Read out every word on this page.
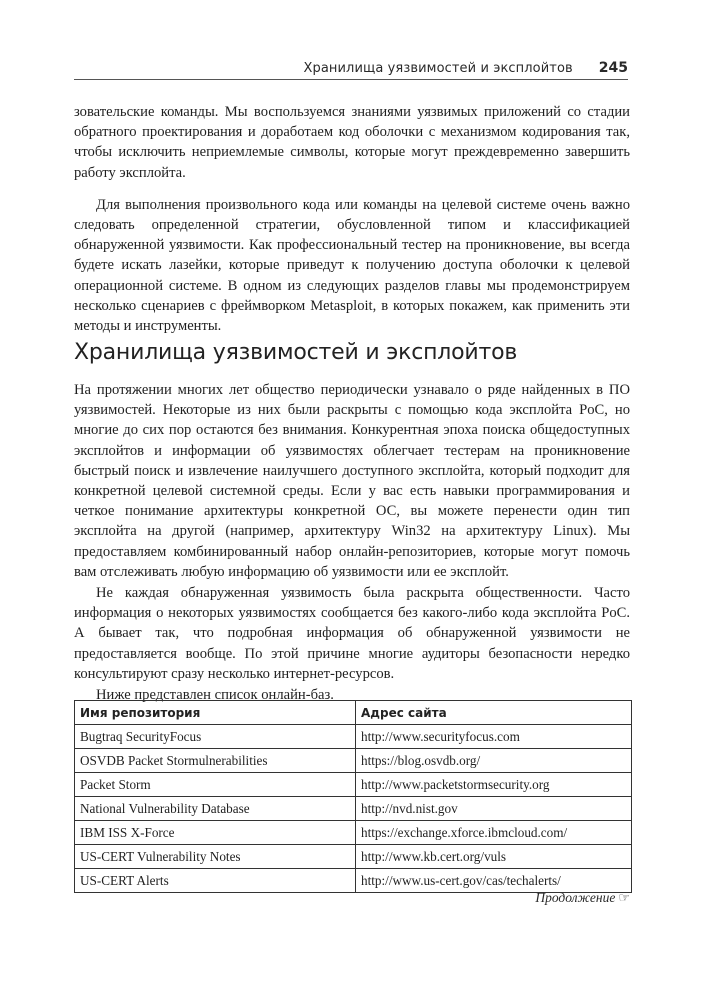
Хранилища уязвимостей и эксплойтов 245

зовательские команды. Мы воспользуемся знаниями уязвимых приложений со стадии обратного проектирования и доработаем код оболочки с механизмом кодирования так, чтобы исключить неприемлемые символы, которые могут преждевременно завершить работу эксплойта.

Для выполнения произвольного кода или команды на целевой системе очень важно следовать определенной стратегии, обусловленной типом и классификацией обнаруженной уязвимости. Как профессиональный тестер на проникновение, вы всегда будете искать лазейки, которые приведут к получению доступа оболочки к целевой операционной системе. В одном из следующих разделов главы мы продемонстрируем несколько сценариев с фреймворком Metasploit, в которых покажем, как применить эти методы и инструменты.

Хранилища уязвимостей и эксплойтов

На протяжении многих лет общество периодически узнавало о ряде найденных в ПО уязвимостей. Некоторые из них были раскрыты с помощью кода эксплойта PoC, но многие до сих пор остаются без внимания. Конкурентная эпоха поиска общедоступных эксплойтов и информации об уязвимостях облегчает тестерам на проникновение быстрый поиск и извлечение наилучшего доступного эксплойта, который подходит для конкретной целевой системной среды. Если у вас есть навыки программирования и четкое понимание архитектуры конкретной ОС, вы можете перенести один тип эксплойта на другой (например, архитектуру Win32 на архитектуру Linux). Мы предоставляем комбинированный набор онлайн-репозиториев, которые могут помочь вам отслеживать любую информацию об уязвимости или ее эксплойт.

Не каждая обнаруженная уязвимость была раскрыта общественности. Часто информация о некоторых уязвимостях сообщается без какого-либо кода эксплойта PoC. А бывает так, что подробная информация об обнаруженной уязвимости не предоставляется вообще. По этой причине многие аудиторы безопасности нередко консультируют сразу несколько интернет-ресурсов.

Ниже представлен список онлайн-баз.

Имя репозитория	Адрес сайта
Bugtraq SecurityFocus	http://www.securityfocus.com
OSVDB Packet Stormulnerabilities	https://blog.osvdb.org/
Packet Storm	http://www.packetstormsecurity.org
National Vulnerability Database	http://nvd.nist.gov
IBM ISS X-Force	https://exchange.xforce.ibmcloud.com/
US-CERT Vulnerability Notes	http://www.kb.cert.org/vuls
US-CERT Alerts	http://www.us-cert.gov/cas/techalerts/
Продолжение ☞
